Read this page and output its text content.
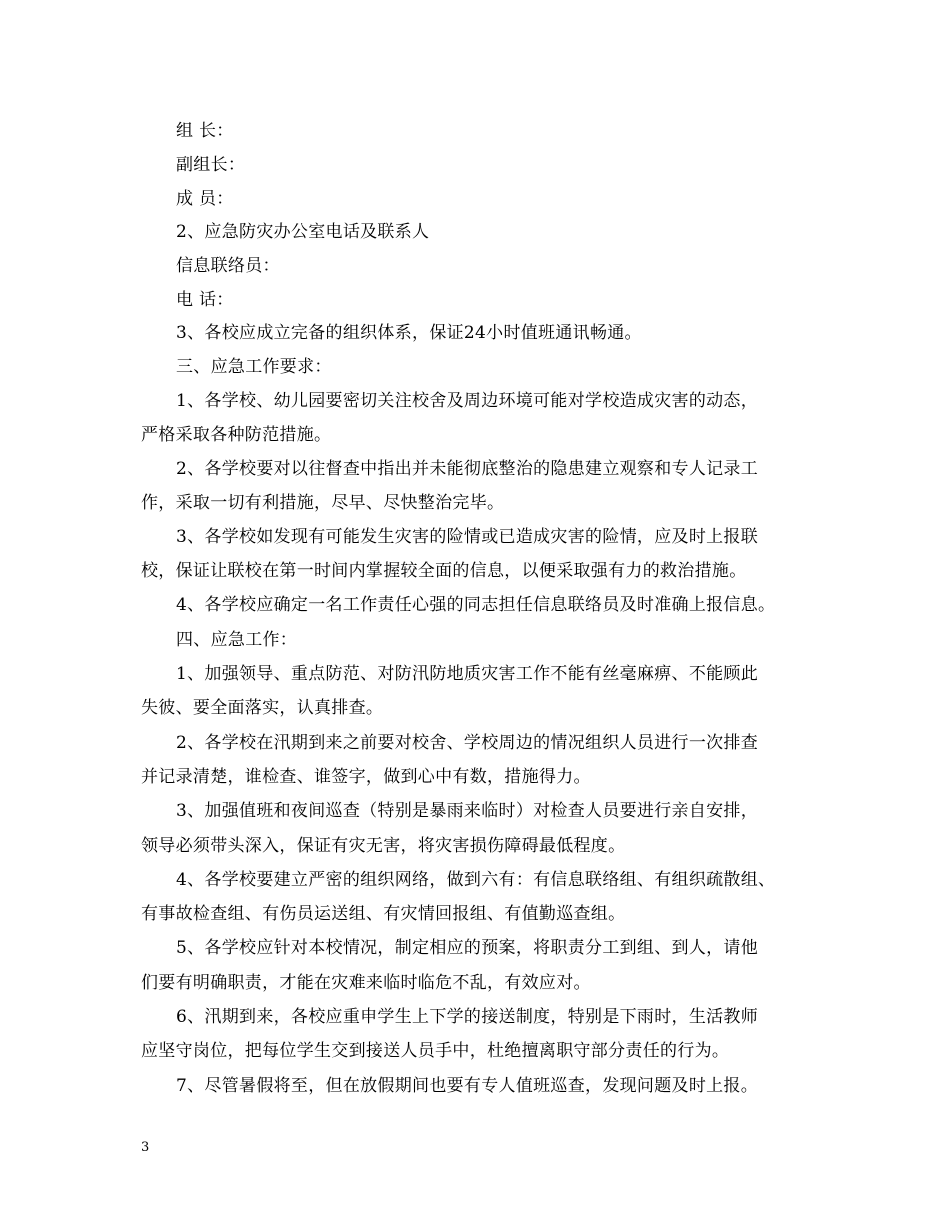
组 长：
副组长：
成 员：
2、应急防灾办公室电话及联系人
信息联络员：
电 话：
3、各校应成立完备的组织体系，保证24小时值班通讯畅通。
三、应急工作要求：
1、各学校、幼儿园要密切关注校舍及周边环境可能对学校造成灾害的动态，
严格采取各种防范措施。
2、各学校要对以往督查中指出并未能彻底整治的隐患建立观察和专人记录工
作，采取一切有利措施，尽早、尽快整治完毕。
3、各学校如发现有可能发生灾害的险情或已造成灾害的险情，应及时上报联
校，保证让联校在第一时间内掌握较全面的信息，以便采取强有力的救治措施。
4、各学校应确定一名工作责任心强的同志担任信息联络员及时准确上报信息。
四、应急工作：
1、加强领导、重点防范、对防汛防地质灾害工作不能有丝毫麻痹、不能顾此
失彼、要全面落实，认真排查。
2、各学校在汛期到来之前要对校舍、学校周边的情况组织人员进行一次排查
并记录清楚，谁检查、谁签字，做到心中有数，措施得力。
3、加强值班和夜间巡查（特别是暴雨来临时）对检查人员要进行亲自安排，
领导必须带头深入，保证有灾无害，将灾害损伤障碍最低程度。
4、各学校要建立严密的组织网络，做到六有：有信息联络组、有组织疏散组、
有事故检查组、有伤员运送组、有灾情回报组、有值勤巡查组。
5、各学校应针对本校情况，制定相应的预案，将职责分工到组、到人，请他
们要有明确职责，才能在灾难来临时临危不乱，有效应对。
6、汛期到来，各校应重申学生上下学的接送制度，特别是下雨时，生活教师
应坚守岗位，把每位学生交到接送人员手中，杜绝擅离职守部分责任的行为。
7、尽管暑假将至，但在放假期间也要有专人值班巡查，发现问题及时上报。
3
